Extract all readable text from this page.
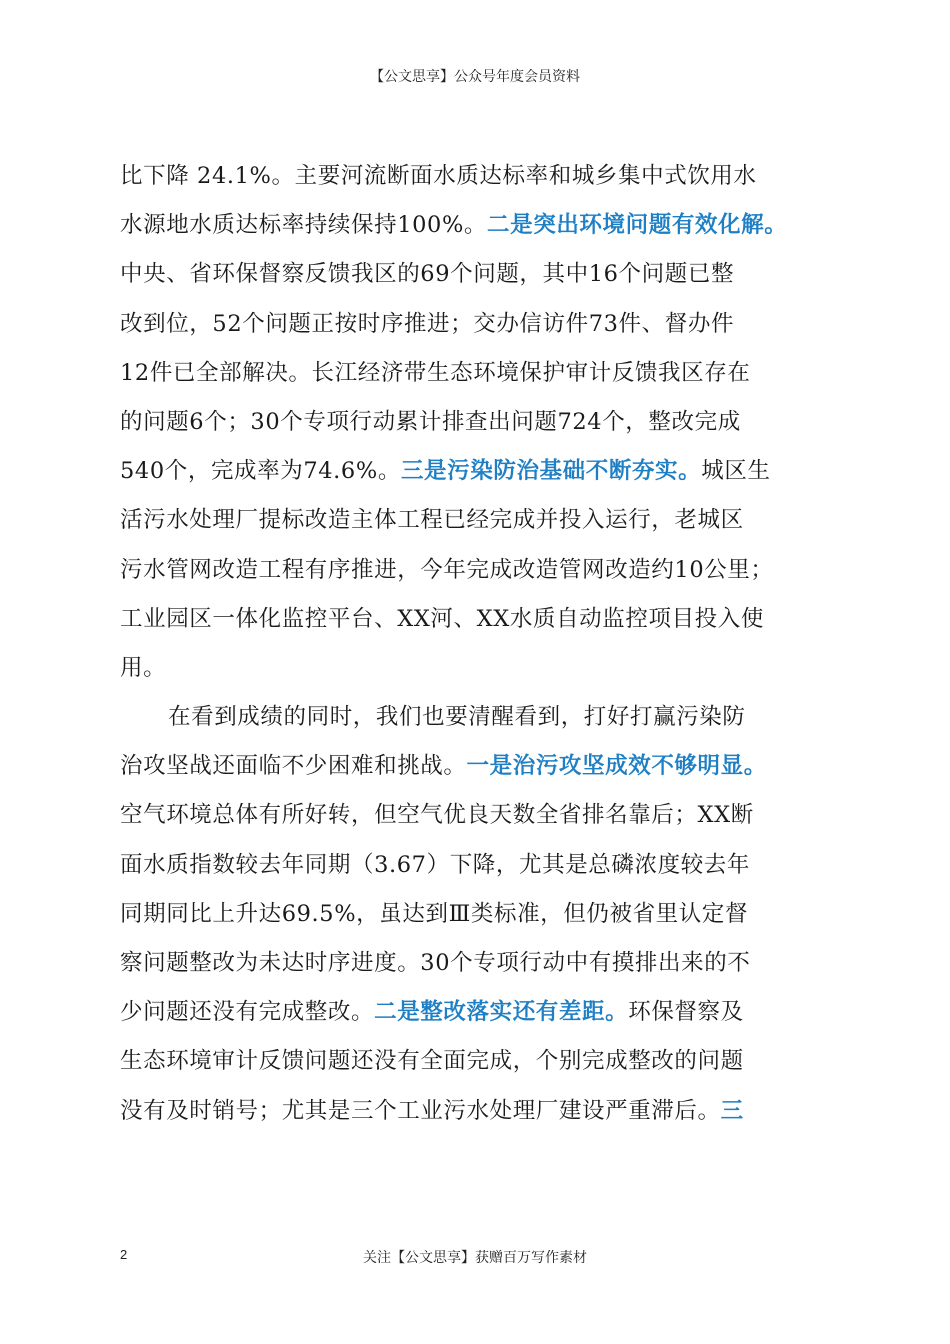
【公文思享】公众号年度会员资料
比下降 24.1%。主要河流断面水质达标率和城乡集中式饮用水
水源地水质达标率持续保持100%。二是突出环境问题有效化解。
中央、省环保督察反馈我区的69个问题，其中16个问题已整
改到位，52个问题正按时序推进；交办信访件73件、督办件
12件已全部解决。长江经济带生态环境保护审计反馈我区存在
的问题6个；30个专项行动累计排查出问题724个，整改完成
540个，完成率为74.6%。三是污染防治基础不断夯实。城区生
活污水处理厂提标改造主体工程已经完成并投入运行，老城区
污水管网改造工程有序推进，今年完成改造管网改造约10公里；
工业园区一体化监控平台、XX河、XX水质自动监控项目投入使
用。
在看到成绩的同时，我们也要清醒看到，打好打赢污染防
治攻坚战还面临不少困难和挑战。一是治污攻坚成效不够明显。
空气环境总体有所好转，但空气优良天数全省排名靠后；XX断
面水质指数较去年同期（3.67）下降，尤其是总磷浓度较去年
同期同比上升达69.5%，虽达到Ⅲ类标准，但仍被省里认定督
察问题整改为未达时序进度。30个专项行动中有摸排出来的不
少问题还没有完成整改。二是整改落实还有差距。环保督察及
生态环境审计反馈问题还没有全面完成，个别完成整改的问题
没有及时销号；尤其是三个工业污水处理厂建设严重滞后。三
2	关注【公文思享】获赠百万写作素材
